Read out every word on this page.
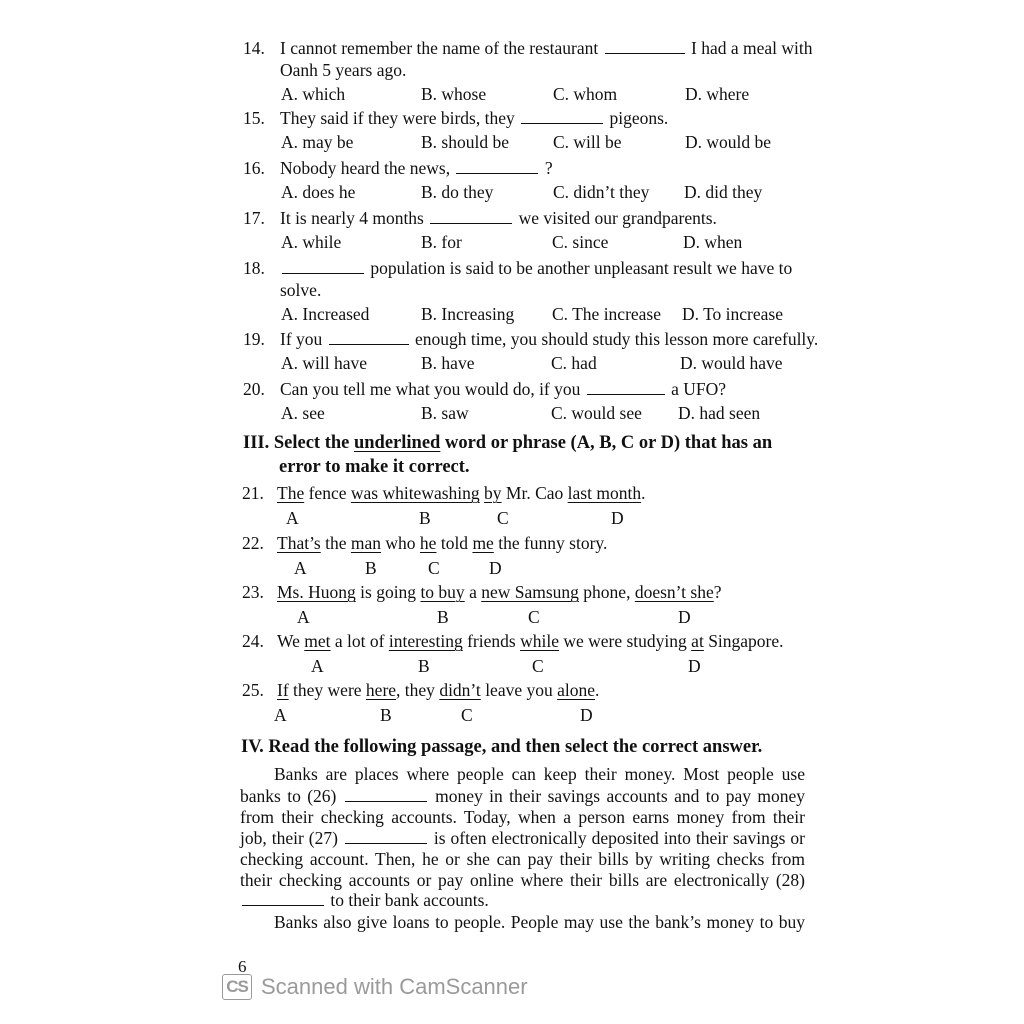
14. I cannot remember the name of the restaurant	I had a meal with
Oanh 5 years ago.
A. which	B. whose	C. whom	D. where
15. They said if they were birds, they	pigeons.
A. may be	B. should be	C. will be	D. would be
16. Nobody heard the news,	?
A. does he	B. do they	C. didn’t they D. did they
17. It is nearly 4 months	we visited our grandparents.
A. while	B. for	C. since	D. when
18.	population is said to be another unpleasant result we have to
solve.
A. Increased	B. Increasing C. The increase D. To increase
19. If you	enough time, you should study this lesson more carefully.
A. will have	B. have	C. had	D. would have
20. Can you tell me what you would do, if you	a UFO?
A. see	B. saw	C. would see D. had seen
III. Select the underlined word or phrase (A, B, C or D) that has an
error to make it correct.
21. The fence was whitewashing by Mr. Cao last month.
A	B	C	D
22. That’s the man who he told me the funny story.
A	B	C	D
23. Ms. Huong is going to buy a new Samsung phone, doesn’t she?
A	B	C	D
24. We met a lot of interesting friends while we were studying at Singapore.
A	B	C	D
25. If they were here, they didn’t leave you alone.
A	B	C	D
IV. Read the following passage, and then select the correct answer.
Banks are places where people can keep their money. Most people use
banks to (26)	money in their savings accounts and to pay money
from their checking accounts. Today, when a person earns money from their
job, their (27)	is often electronically deposited into their savings or
checking account. Then, he or she can pay their bills by writing checks from
their checking accounts or pay online where their bills are electronically (28)
to their bank accounts.
Banks also give loans to people. People may use the bank’s money to buy
6
CS Scanned with CamScanner
